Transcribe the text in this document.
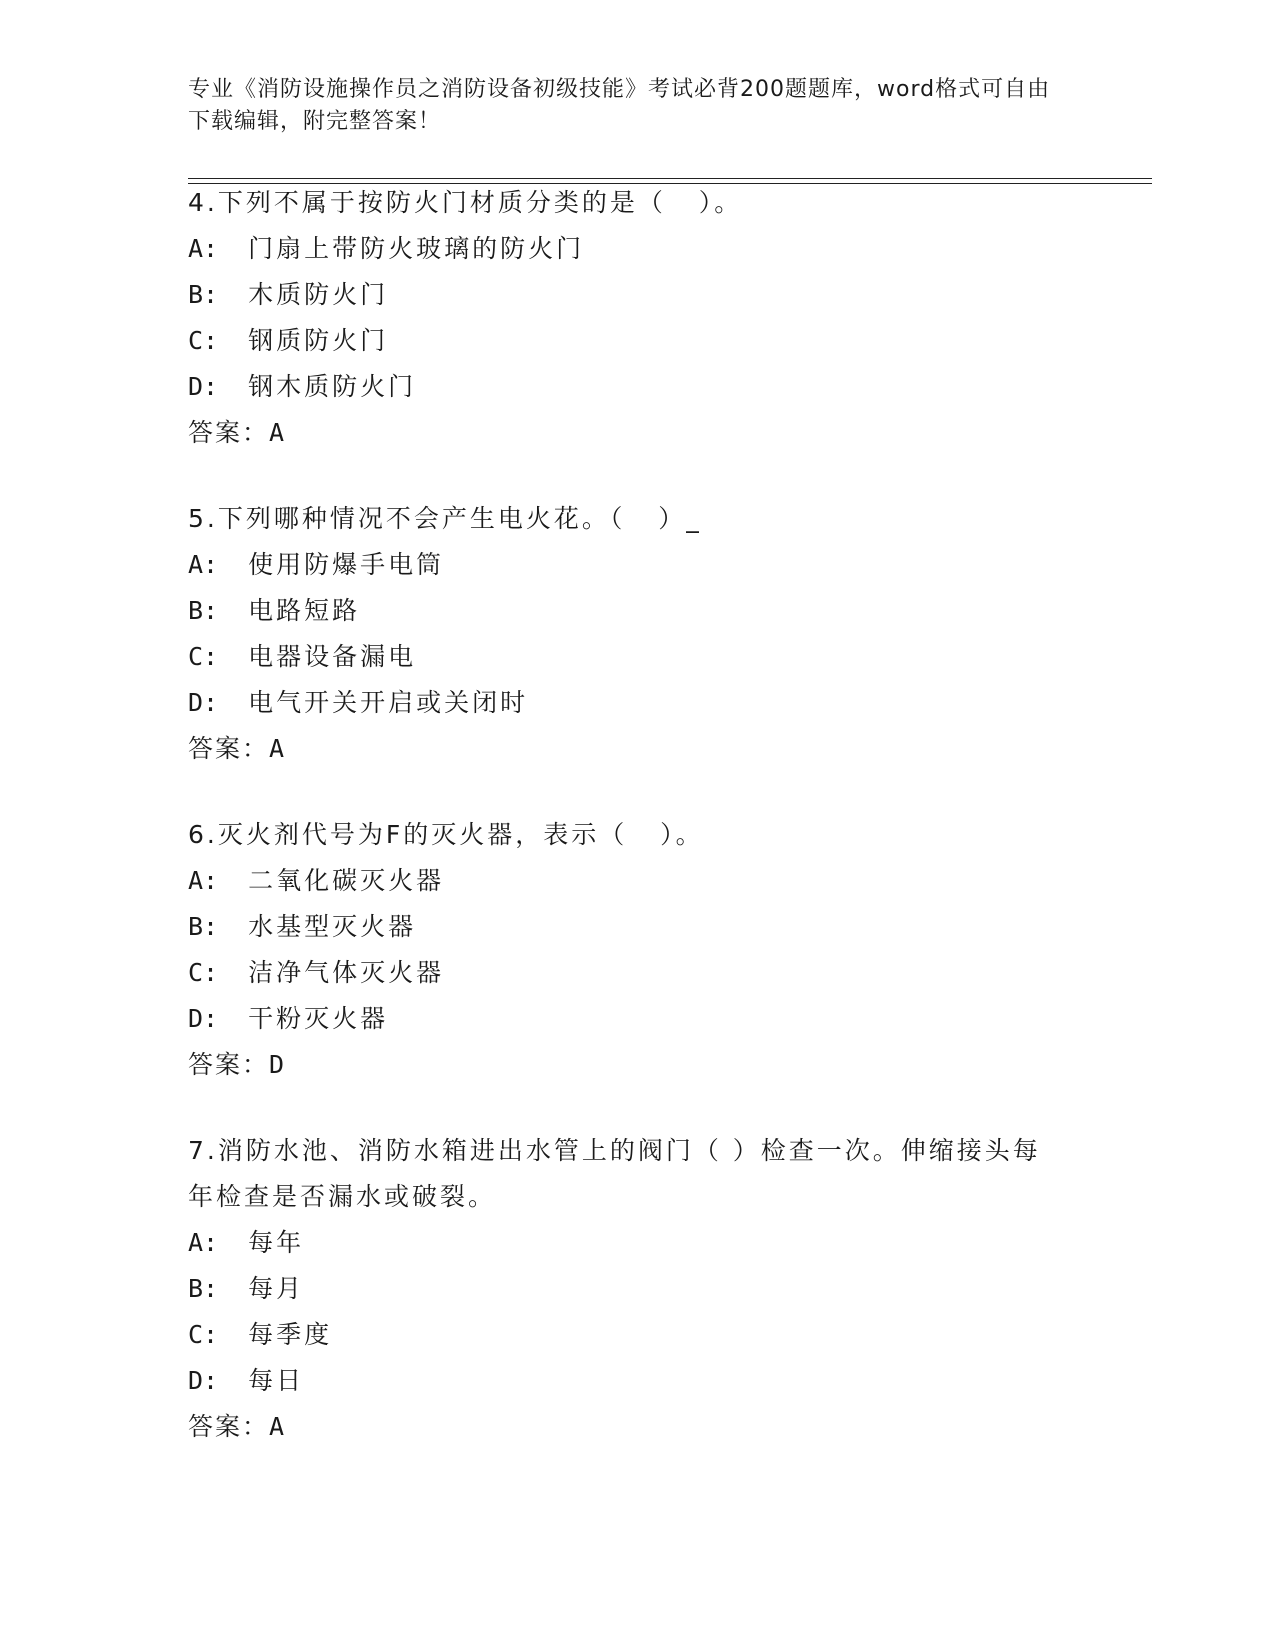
专业《消防设施操作员之消防设备初级技能》考试必背200题题库，word格式可自由下载编辑，附完整答案！
4.下列不属于按防火门材质分类的是（   ）。
A: 门扇上带防火玻璃的防火门
B: 木质防火门
C: 钢质防火门
D: 钢木质防火门
答案：A
5.下列哪种情况不会产生电火花。（   ）_
A: 使用防爆手电筒
B: 电路短路
C: 电器设备漏电
D: 电气开关开启或关闭时
答案：A
6.灭火剂代号为F的灭火器，表示（   ）。
A: 二氧化碳灭火器
B: 水基型灭火器
C: 洁净气体灭火器
D: 干粉灭火器
答案：D
7.消防水池、消防水箱进出水管上的阀门（ ）检查一次。伸缩接头每年检查是否漏水或破裂。
A: 每年
B: 每月
C: 每季度
D: 每日
答案：A
